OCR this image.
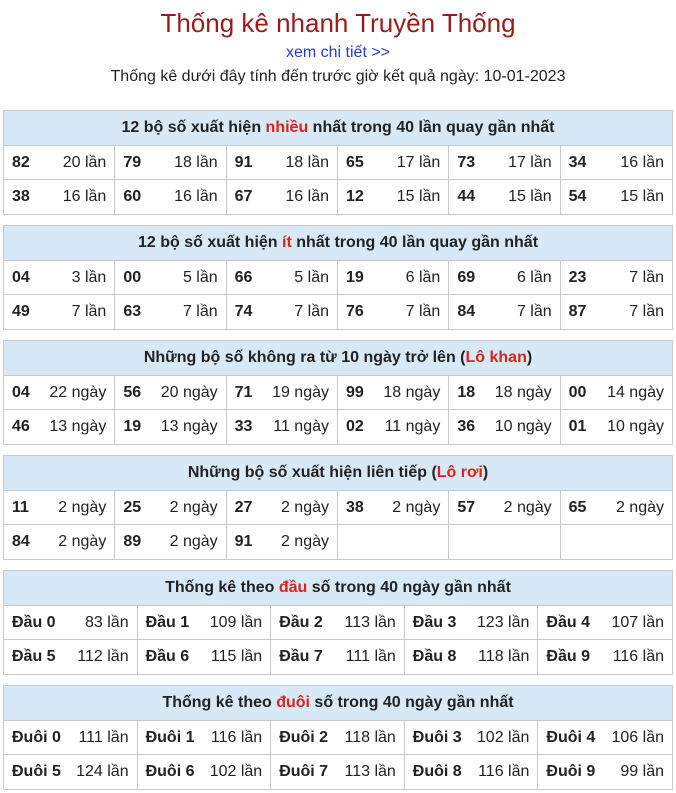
Thống kê nhanh Truyền Thống
xem chi tiết >>
Thống kê dưới đây tính đến trước giờ kết quả ngày: 10-01-2023
12 bộ số xuất hiện nhiều nhất trong 40 lần quay gần nhất
82 20 lần 79 18 lần 91 18 lần 65 17 lần 73 17 lần 34 16 lần
38 16 lần 60 16 lần 67 16 lần 12 15 lần 44 15 lần 54 15 lần
12 bộ số xuất hiện ít nhất trong 40 lần quay gần nhất
04	3 lần 00	5 lần 66	5 lần 19	6 lần 69	6 lần 23	7 lần
49	7 lần 63	7 lần 74	7 lần 76	7 lần 84	7 lần 87	7 lần
Những bộ số không ra từ 10 ngày trở lên (Lô khan)
04 22 ngày 56 20 ngày 71 19 ngày 99 18 ngày 18 18 ngày 00 14 ngày
46 13 ngày 19 13 ngày 33 11 ngày 02 11 ngày 36 10 ngày 01 10 ngày
Những bộ số xuất hiện liên tiếp (Lô rơi)
11 2 ngày 25 2 ngày 27 2 ngày 38 2 ngày 57 2 ngày 65 2 ngày
84 2 ngày 89 2 ngày 91 2 ngày
Thống kê theo đầu số trong 40 ngày gần nhất
Đầu 0 83 lần Đầu 1 109 lần Đầu 2 113 lần Đầu 3 123 lần Đầu 4 107 lần
Đầu 5 112 lần Đầu 6 115 lần Đầu 7 111 lần Đầu 8 118 lần Đầu 9 116 lần
Thống kê theo đuôi số trong 40 ngày gần nhất
Đuôi 0 111 lần Đuôi 1 116 lần Đuôi 2 118 lần Đuôi 3 102 lần Đuôi 4 106 lần
Đuôi 5 124 lần Đuôi 6 102 lần Đuôi 7 113 lần Đuôi 8 116 lần Đuôi 9 99 lần
